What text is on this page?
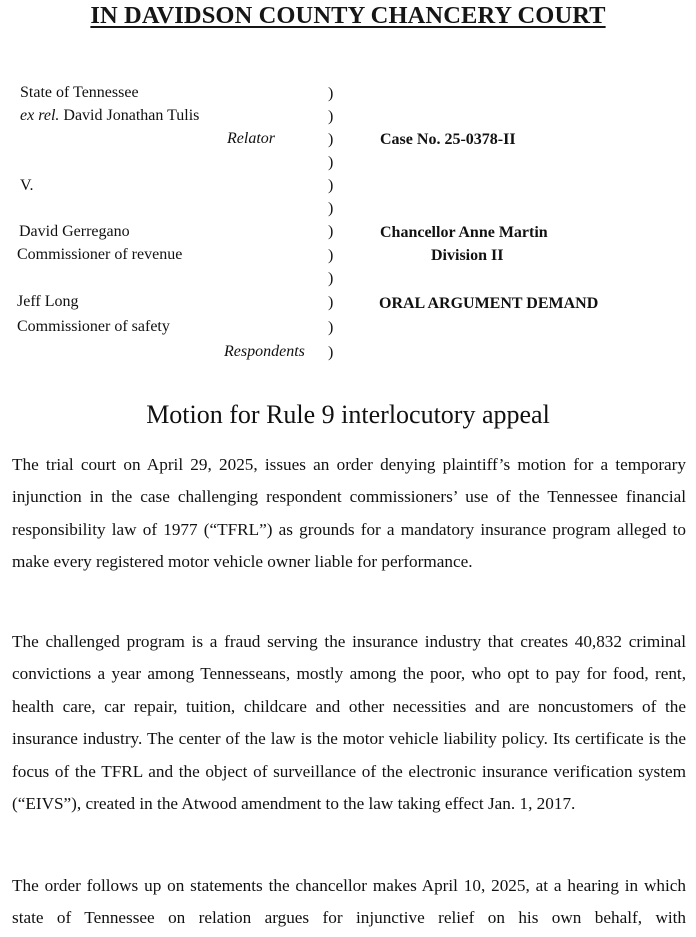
IN DAVIDSON COUNTY CHANCERY COURT
State of Tennessee
ex rel. David Jonathan Tulis
Relator
V.
David Gerregano
Commissioner of revenue
Jeff Long
Commissioner of safety
Respondents
)
)
)
)
)
)
)
)
)
)
)
)
Case No. 25-0378-II
Chancellor Anne Martin
Division II
ORAL ARGUMENT DEMAND
Motion for Rule 9 interlocutory appeal

The trial court on April 29, 2025, issues an order denying plaintiff’s motion for a temporary injunction in the case challenging respondent commissioners’ use of the Tennessee financial responsibility law of 1977 (“TFRL”) as grounds for a mandatory insurance program alleged to make every registered motor vehicle owner liable for performance.

The challenged program is a fraud serving the insurance industry that creates 40,832 criminal convictions a year among Tennesseans, mostly among the poor, who opt to pay for food, rent, health care, car repair, tuition, childcare and other necessities and are noncustomers of the insurance industry. The center of the law is the motor vehicle liability policy. Its certificate is the focus of the TFRL and the object of surveillance of the electronic insurance verification system (“EIVS”), created in the Atwood amendment to the law taking effect Jan. 1, 2017.

The order follows up on statements the chancellor makes April 10, 2025, at a hearing in which state of Tennessee on relation argues for injunctive relief on his own behalf, with
